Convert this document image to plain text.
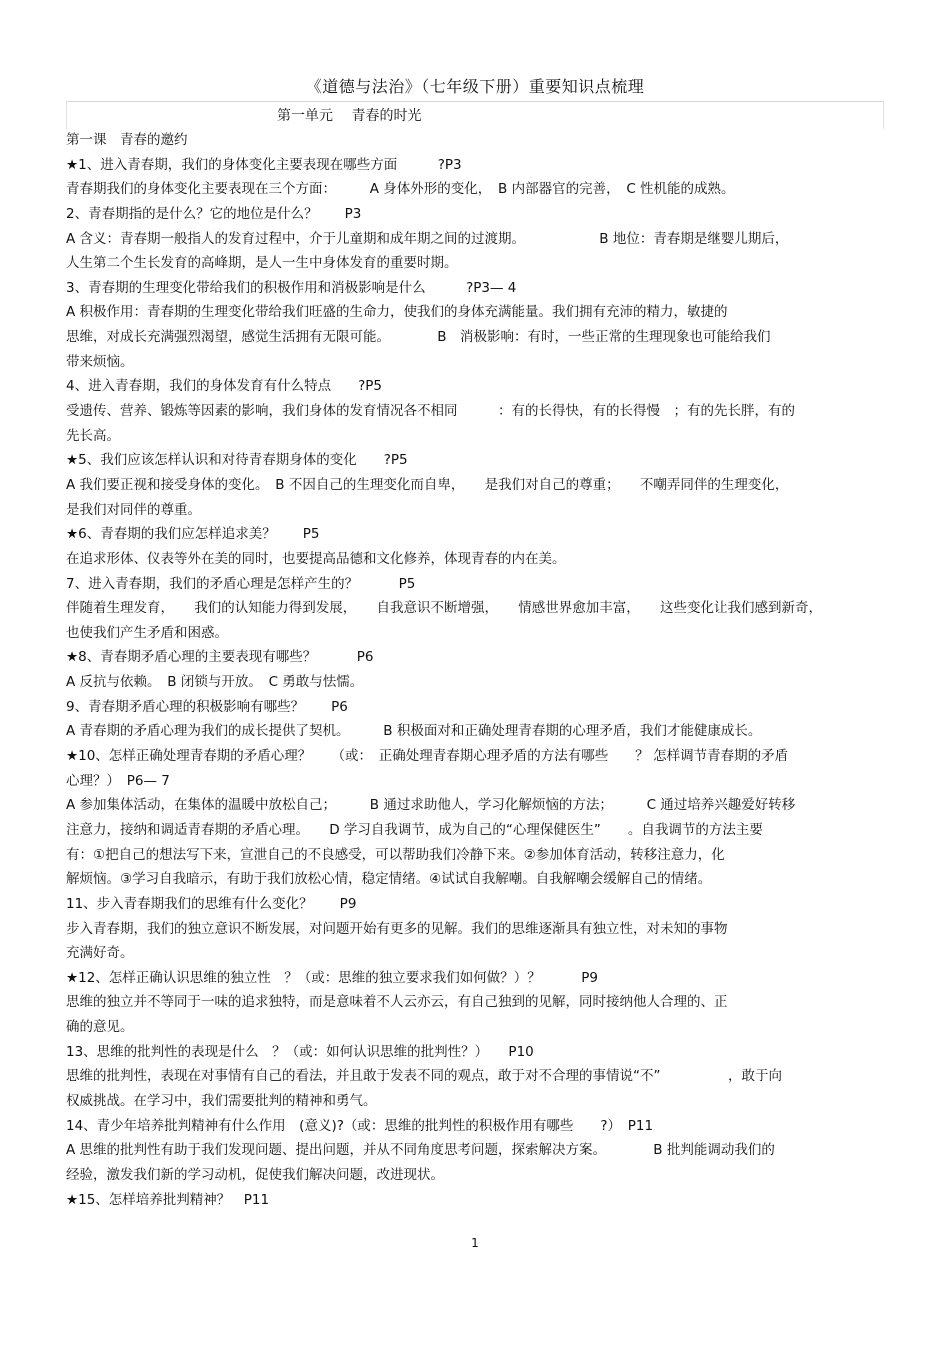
《道德与法治》（七年级下册）重要知识点梳理
第一单元　 青春的时光
第一课　青春的邀约
★1、进入青春期，我们的身体变化主要表现在哪些方面　　　?P3
青春期我们的身体变化主要表现在三个方面：　　　A 身体外形的变化，　B 内部器官的完善，　C 性机能的成熟。
2、青春期指的是什么？它的地位是什么？　　P3
A 含义：青春期一般指人的发育过程中，介于儿童期和成年期之间的过渡期。　　　　　　B 地位：青春期是继婴儿期后，
人生第二个生长发育的高峰期，是人一生中身体发育的重要时期。
3、青春期的生理变化带给我们的积极作用和消极影响是什么　　　?P3— 4
A 积极作用：青春期的生理变化带给我们旺盛的生命力，使我们的身体充满能量。我们拥有充沛的精力，敏捷的
思维，对成长充满强烈渴望，感觉生活拥有无限可能。　　　　B　消极影响：有时，一些正常的生理现象也可能给我们
带来烦恼。
4、进入青春期，我们的身体发育有什么特点　　?P5
受遗传、营养、锻炼等因素的影响，我们身体的发育情况各不相同　　　：有的长得快，有的长得慢　；有的先长胖，有的
先长高。
★5、我们应该怎样认识和对待青春期身体的变化　　?P5
A 我们要正视和接受身体的变化。　B 不因自己的生理变化而自卑，　　是我们对自己的尊重；　　不嘲弄同伴的生理变化，
是我们对同伴的尊重。
★6、青春期的我们应怎样追求美？　　P5
在追求形体、仪表等外在美的同时，也要提高品德和文化修养，体现青春的内在美。
7、进入青春期，我们的矛盾心理是怎样产生的？　　　P5
伴随着生理发育，　　我们的认知能力得到发展，　　自我意识不断增强，　　情感世界愈加丰富，　　这些变化让我们感到新奇，
也使我们产生矛盾和困惑。
★8、青春期矛盾心理的主要表现有哪些？　　　P6
A 反抗与依赖。　B 闭锁与开放。　C 勇敢与怯懦。
9、青春期矛盾心理的积极影响有哪些？　　P6
A 青春期的矛盾心理为我们的成长提供了契机。　　　B 积极面对和正确处理青春期的心理矛盾，我们才能健康成长。
★10、怎样正确处理青春期的矛盾心理？　　（或：　正确处理青春期心理矛盾的方法有哪些　　？ 怎样调节青春期的矛盾
心理？）　P6— 7
A 参加集体活动，在集体的温暖中放松自己；　　　B 通过求助他人，学习化解烦恼的方法；　　　C 通过培养兴趣爱好转移
注意力，接纳和调适青春期的矛盾心理。　　D 学习自我调节，成为自己的“心理保健医生”　　。自我调节的方法主要
有：①把自己的想法写下来，宣泄自己的不良感受，可以帮助我们冷静下来。②参加体育活动，转移注意力，化
解烦恼。③学习自我暗示，有助于我们放松心情，稳定情绪。④试试自我解嘲。自我解嘲会缓解自己的情绪。
11、步入青春期我们的思维有什么变化？　　P9
步入青春期，我们的独立意识不断发展，对问题开始有更多的见解。我们的思维逐渐具有独立性，对未知的事物
充满好奇。
★12、怎样正确认识思维的独立性　？（或：思维的独立要求我们如何做？）？　　　P9
思维的独立并不等同于一味的追求独特，而是意味着不人云亦云，有自己独到的见解，同时接纳他人合理的、正
确的意见。
13、思维的批判性的表现是什么　？（或：如何认识思维的批判性？）　　P10
思维的批判性，表现在对事情有自己的看法，并且敢于发表不同的观点，敢于对不合理的事情说“不”　　　　　，敢于向
权威挑战。在学习中，我们需要批判的精神和勇气。
14、青少年培养批判精神有什么作用　(意义)?（或：思维的批判性的积极作用有哪些　　?）　P11
A 思维的批判性有助于我们发现问题、提出问题，并从不同角度思考问题，探索解决方案。　　　　B 批判能调动我们的
经验，激发我们新的学习动机，促使我们解决问题，改进现状。
★15、怎样培养批判精神？　P11
1
